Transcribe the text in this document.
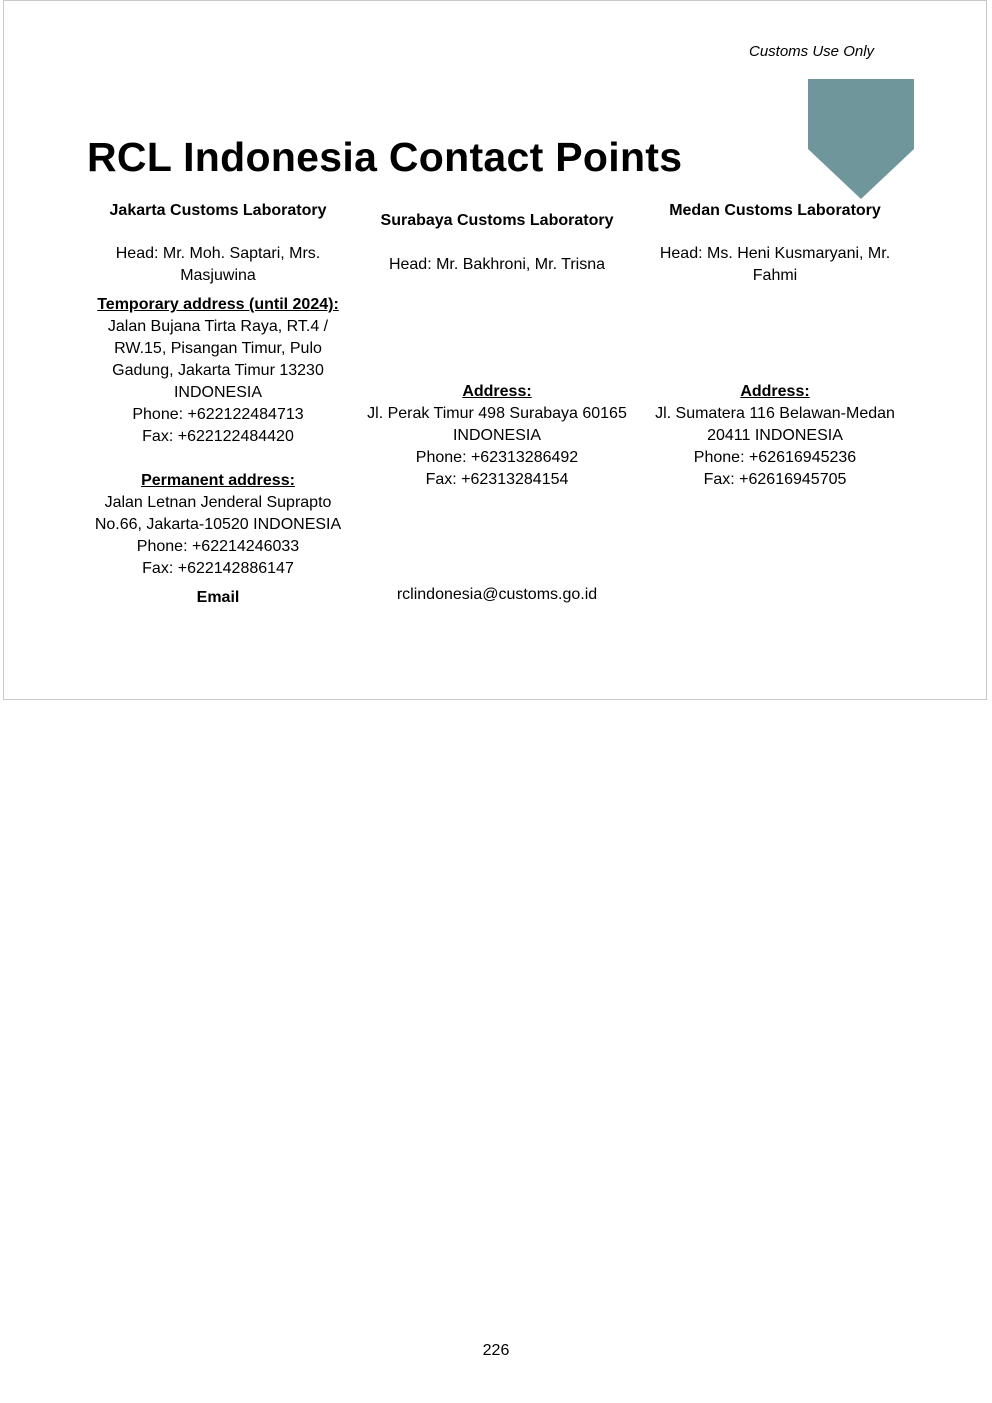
Customs Use Only
RCL Indonesia Contact Points
Jakarta Customs Laboratory
Head: Mr. Moh. Saptari, Mrs.
Masjuwina
Temporary address (until 2024):
Jalan Bujana Tirta Raya, RT.4 /
RW.15, Pisangan Timur, Pulo
Gadung, Jakarta Timur 13230
INDONESIA
Phone: +622122484713
Fax: +622122484420
Permanent address:
Jalan Letnan Jenderal Suprapto
No.66, Jakarta-10520 INDONESIA
Phone: +62214246033
Fax: +622142886147
Email
Surabaya Customs Laboratory
Head: Mr. Bakhroni, Mr. Trisna
Address:
Jl. Perak Timur 498 Surabaya 60165
INDONESIA
Phone: +62313286492
Fax: +62313284154
rclindonesia@customs.go.id
Medan Customs Laboratory
Head: Ms. Heni Kusmaryani, Mr.
Fahmi
Address:
Jl. Sumatera 116 Belawan-Medan
20411 INDONESIA
Phone: +62616945236
Fax: +62616945705
226
